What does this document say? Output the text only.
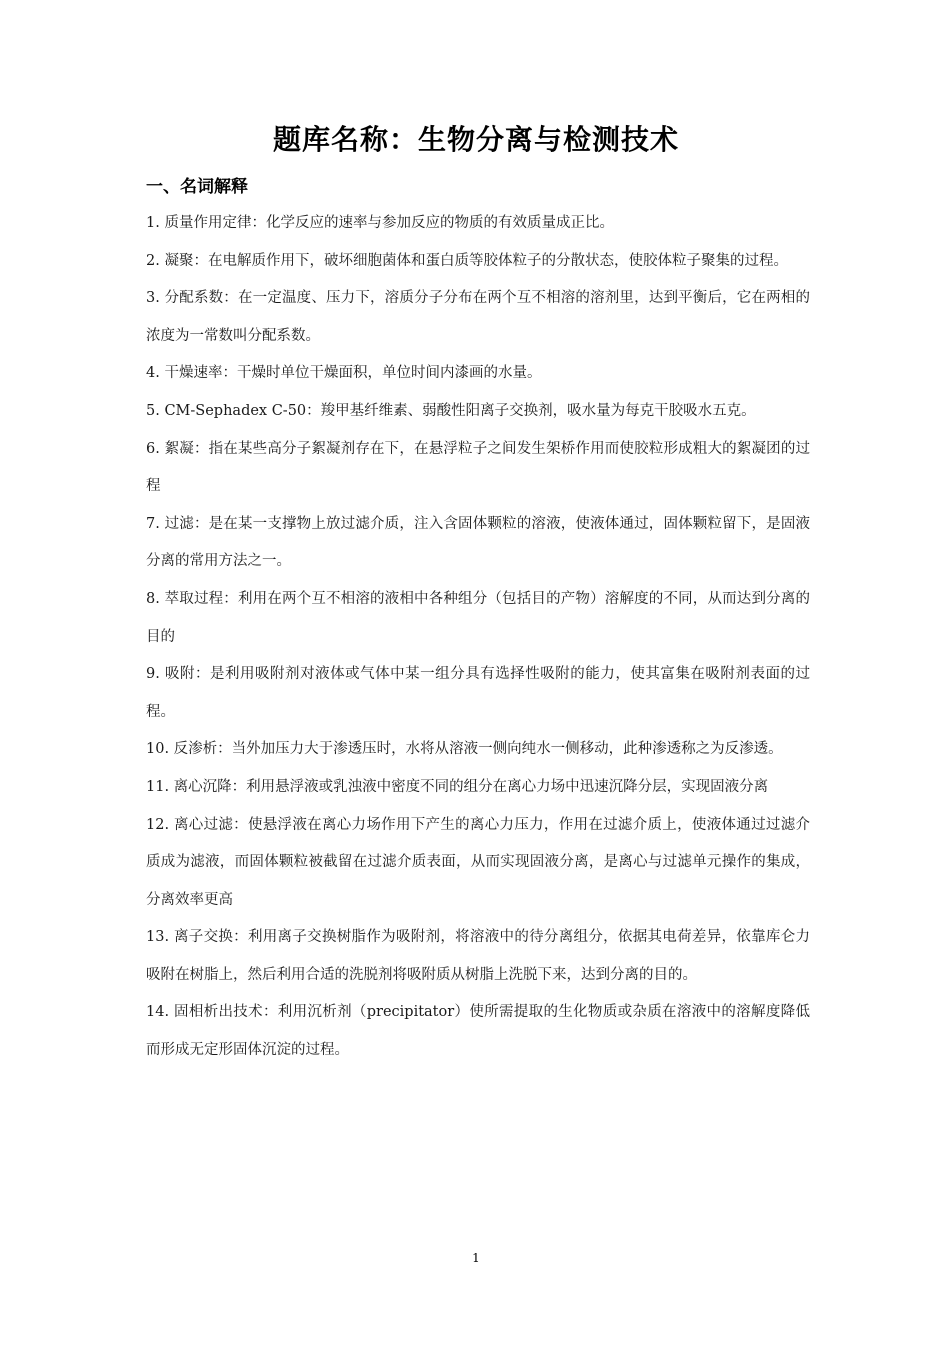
题库名称：生物分离与检测技术
一、名词解释
1. 质量作用定律：化学反应的速率与参加反应的物质的有效质量成正比。
2. 凝聚：在电解质作用下，破坏细胞菌体和蛋白质等胶体粒子的分散状态，使胶体粒子聚集的过程。
3. 分配系数：在一定温度、压力下，溶质分子分布在两个互不相溶的溶剂里，达到平衡后，它在两相的浓度为一常数叫分配系数。
4. 干燥速率：干燥时单位干燥面积，单位时间内漆画的水量。
5. CM-Sephadex C-50：羧甲基纤维素、弱酸性阳离子交换剂，吸水量为每克干胶吸水五克。
6. 絮凝：指在某些高分子絮凝剂存在下，在悬浮粒子之间发生架桥作用而使胶粒形成粗大的絮凝团的过程
7. 过滤：是在某一支撑物上放过滤介质，注入含固体颗粒的溶液，使液体通过，固体颗粒留下，是固液分离的常用方法之一。
8. 萃取过程：利用在两个互不相溶的液相中各种组分（包括目的产物）溶解度的不同，从而达到分离的目的
9. 吸附：是利用吸附剂对液体或气体中某一组分具有选择性吸附的能力，使其富集在吸附剂表面的过程。
10. 反渗析：当外加压力大于渗透压时，水将从溶液一侧向纯水一侧移动，此种渗透称之为反渗透。
11. 离心沉降：利用悬浮液或乳浊液中密度不同的组分在离心力场中迅速沉降分层，实现固液分离
12. 离心过滤：使悬浮液在离心力场作用下产生的离心力压力，作用在过滤介质上，使液体通过过滤介质成为滤液，而固体颗粒被截留在过滤介质表面，从而实现固液分离，是离心与过滤单元操作的集成，分离效率更高
13. 离子交换：利用离子交换树脂作为吸附剂，将溶液中的待分离组分，依据其电荷差异，依靠库仑力吸附在树脂上，然后利用合适的洗脱剂将吸附质从树脂上洗脱下来，达到分离的目的。
14. 固相析出技术：利用沉析剂（precipitator）使所需提取的生化物质或杂质在溶液中的溶解度降低而形成无定形固体沉淀的过程。
1
